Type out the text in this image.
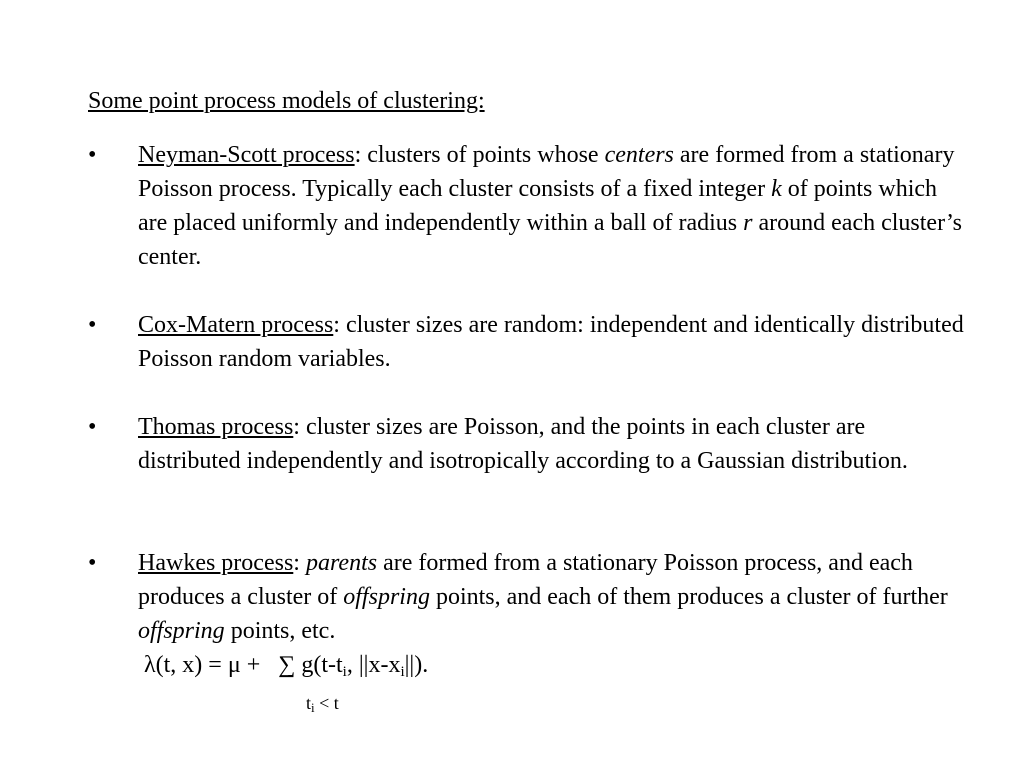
Some point process models of clustering:
•	Neyman-Scott process: clusters of points whose centers are formed from a stationary Poisson process. Typically each cluster consists of a fixed integer k of points which are placed uniformly and independently within a ball of radius r around each cluster’s center.
•	Cox-Matern process: cluster sizes are random: independent and identically distributed Poisson random variables.
•	Thomas process: cluster sizes are Poisson, and the points in each cluster are distributed independently and isotropically according to a Gaussian distribution.
•	Hawkes process: parents are formed from a stationary Poisson process, and each produces a cluster of offspring points, and each of them produces a cluster of further offspring points, etc.
λ(t, x) = μ + ∑ $g(t-t_i$, $||x-x_i||$).
$t_i < t$
